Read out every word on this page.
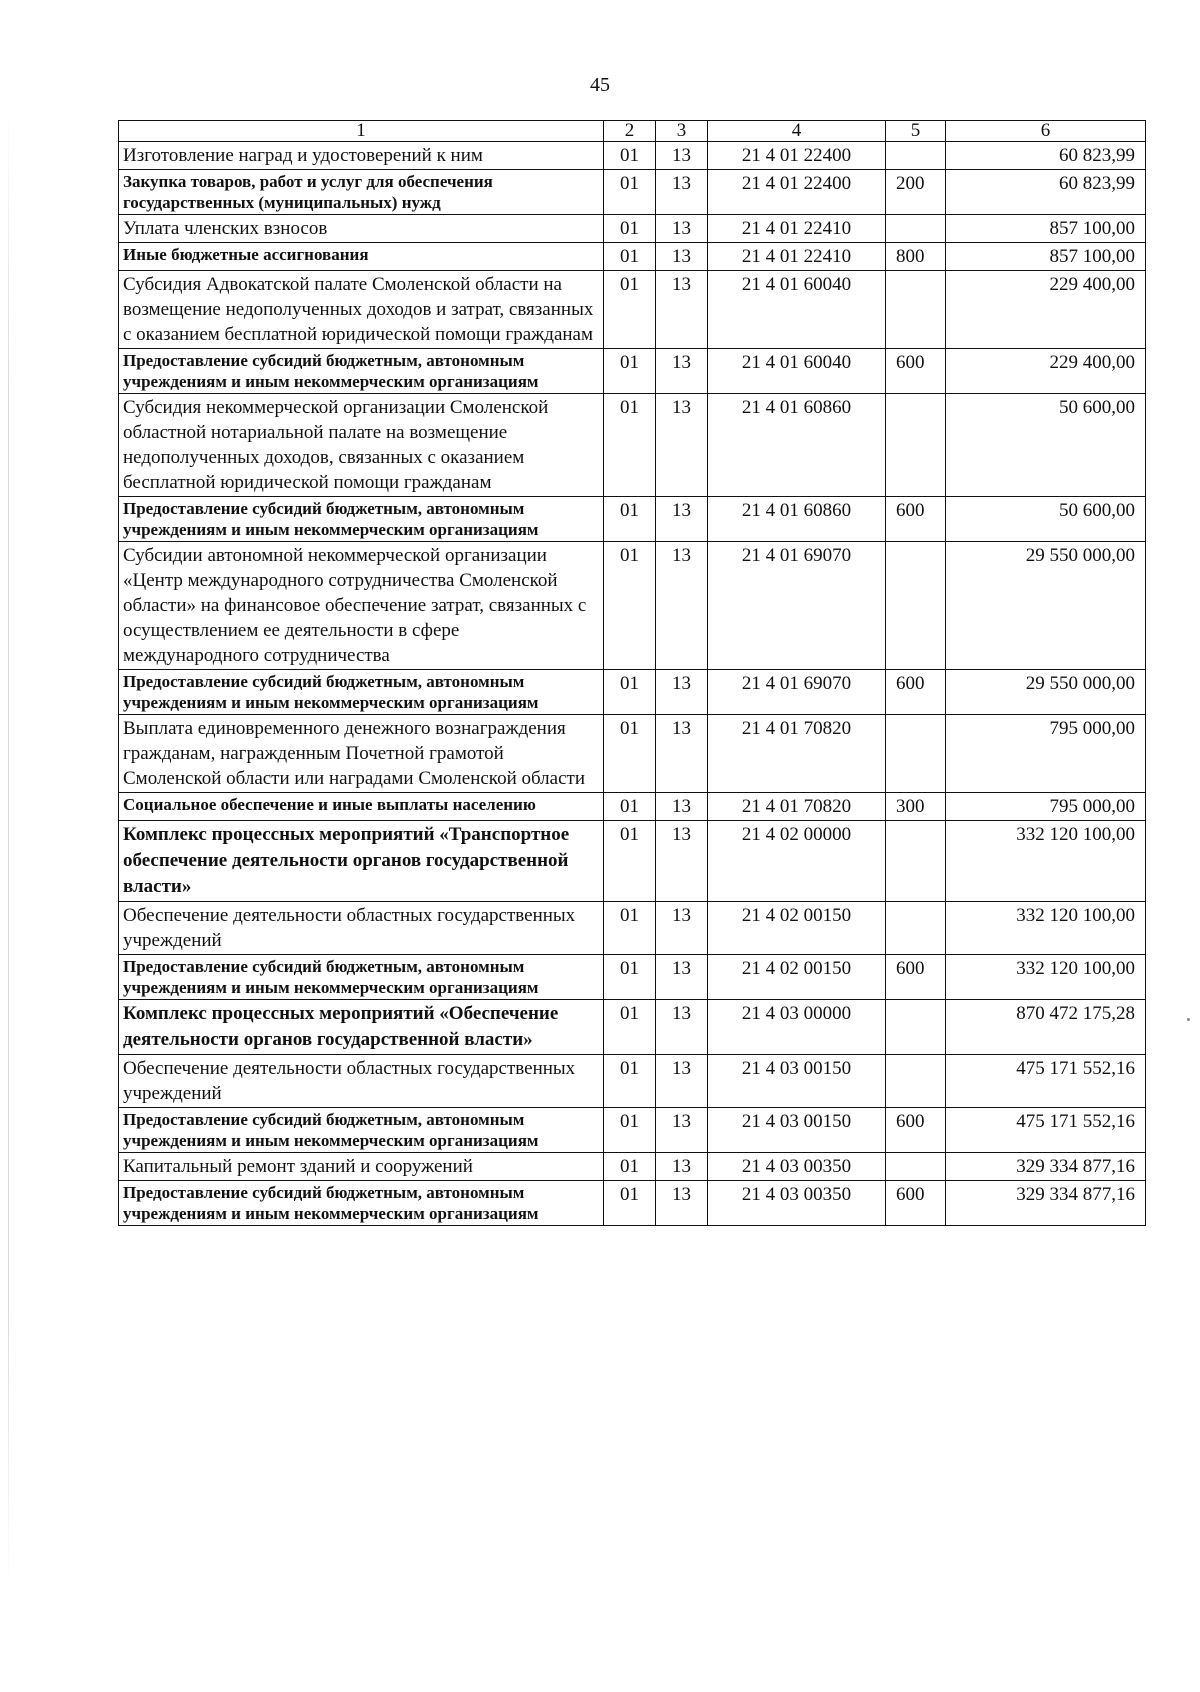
45
1	2	3	4	5	6
Изготовление наград и удостоверений к ним	01	13	21 4 01 22400		60 823,99
Закупка товаров, работ и услуг для обеспечения государственных (муниципальных) нужд	01	13	21 4 01 22400	200	60 823,99
Уплата членских взносов	01	13	21 4 01 22410		857 100,00
Иные бюджетные ассигнования	01	13	21 4 01 22410	800	857 100,00
Субсидия Адвокатской палате Смоленской области на возмещение недополученных доходов и затрат, связанных с оказанием бесплатной юридической помощи гражданам	01	13	21 4 01 60040		229 400,00
Предоставление субсидий бюджетным, автономным учреждениям и иным некоммерческим организациям	01	13	21 4 01 60040	600	229 400,00
Субсидия некоммерческой организации Смоленской областной нотариальной палате на возмещение недополученных доходов, связанных с оказанием бесплатной юридической помощи гражданам	01	13	21 4 01 60860		50 600,00
Предоставление субсидий бюджетным, автономным учреждениям и иным некоммерческим организациям	01	13	21 4 01 60860	600	50 600,00
Субсидии автономной некоммерческой организации «Центр международного сотрудничества Смоленской области» на финансовое обеспечение затрат, связанных с осуществлением ее деятельности в сфере международного сотрудничества	01	13	21 4 01 69070		29 550 000,00
Предоставление субсидий бюджетным, автономным учреждениям и иным некоммерческим организациям	01	13	21 4 01 69070	600	29 550 000,00
Выплата единовременного денежного вознаграждения гражданам, награжденным Почетной грамотой Смоленской области или наградами Смоленской области	01	13	21 4 01 70820		795 000,00
Социальное обеспечение и иные выплаты населению	01	13	21 4 01 70820	300	795 000,00
Комплекс процессных мероприятий «Транспортное обеспечение деятельности органов государственной власти»	01	13	21 4 02 00000		332 120 100,00
Обеспечение деятельности областных государственных учреждений	01	13	21 4 02 00150		332 120 100,00
Предоставление субсидий бюджетным, автономным учреждениям и иным некоммерческим организациям	01	13	21 4 02 00150	600	332 120 100,00
Комплекс процессных мероприятий «Обеспечение деятельности органов государственной власти»	01	13	21 4 03 00000		870 472 175,28
Обеспечение деятельности областных государственных учреждений	01	13	21 4 03 00150		475 171 552,16
Предоставление субсидий бюджетным, автономным учреждениям и иным некоммерческим организациям	01	13	21 4 03 00150	600	475 171 552,16
Капитальный ремонт зданий и сооружений	01	13	21 4 03 00350		329 334 877,16
Предоставление субсидий бюджетным, автономным учреждениям и иным некоммерческим организациям	01	13	21 4 03 00350	600	329 334 877,16
